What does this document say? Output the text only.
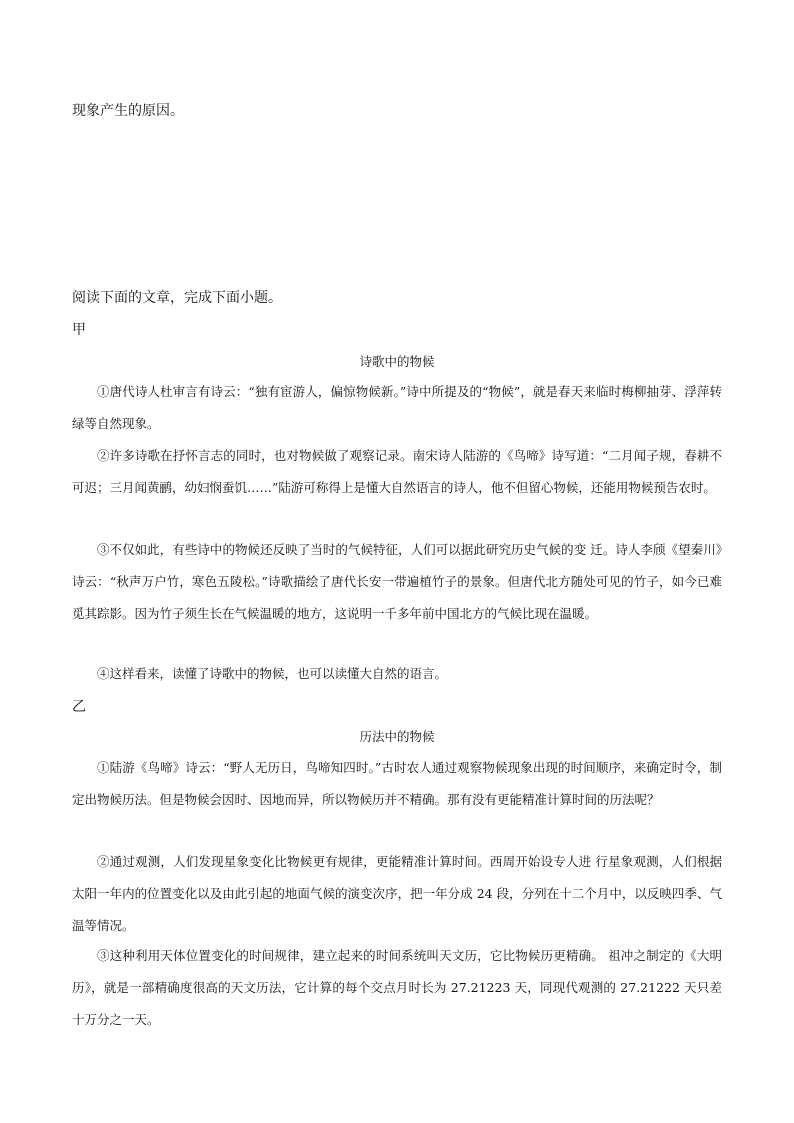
现象产生的原因。
阅读下面的文章，完成下面小题。
甲
诗歌中的物候

①唐代诗人杜审言有诗云：“独有宦游人，偏惊物候新。”诗中所提及的“物候”，就是春天来临时梅柳抽芽、浮萍转绿等自然现象。

②许多诗歌在抒怀言志的同时，也对物候做了观察记录。南宋诗人陆游的《鸟啼》诗写道：“二月闻子规，春耕不可迟；三月闻黄鹂，幼妇悯蚕饥……”陆游可称得上是懂大自然语言的诗人，他不但留心物候，还能用物候预告农时。

③不仅如此，有些诗中的物候还反映了当时的气候特征，人们可以据此研究历史气候的变 迁。诗人李颀《望秦川》诗云：“秋声万户竹，寒色五陵松。”诗歌描绘了唐代长安一带遍植竹子的景象。但唐代北方随处可见的竹子，如今已难觅其踪影。因为竹子须生长在气候温暖的地方，这说明一千多年前中国北方的气候比现在温暖。

④这样看来，读懂了诗歌中的物候，也可以读懂大自然的语言。

乙
历法中的物候

①陆游《鸟啼》诗云：“野人无历日，鸟啼知四时。”古时农人通过观察物候现象出现的时间顺序，来确定时令，制定出物候历法。但是物候会因时、因地而异，所以物候历并不精确。那有没有更能精准计算时间的历法呢？

②通过观测，人们发现星象变化比物候更有规律，更能精准计算时间。西周开始设专人进 行星象观测，人们根据太阳一年内的位置变化以及由此引起的地面气候的演变次序，把一年分成 24 段，分列在十二个月中，以反映四季、气温等情况。

③这种利用天体位置变化的时间规律，建立起来的时间系统叫天文历，它比物候历更精确。 祖冲之制定的《大明历》，就是一部精确度很高的天文历法，它计算的每个交点月时长为 27.21223 天，同现代观测的 27.21222 天只差十万分之一天。
